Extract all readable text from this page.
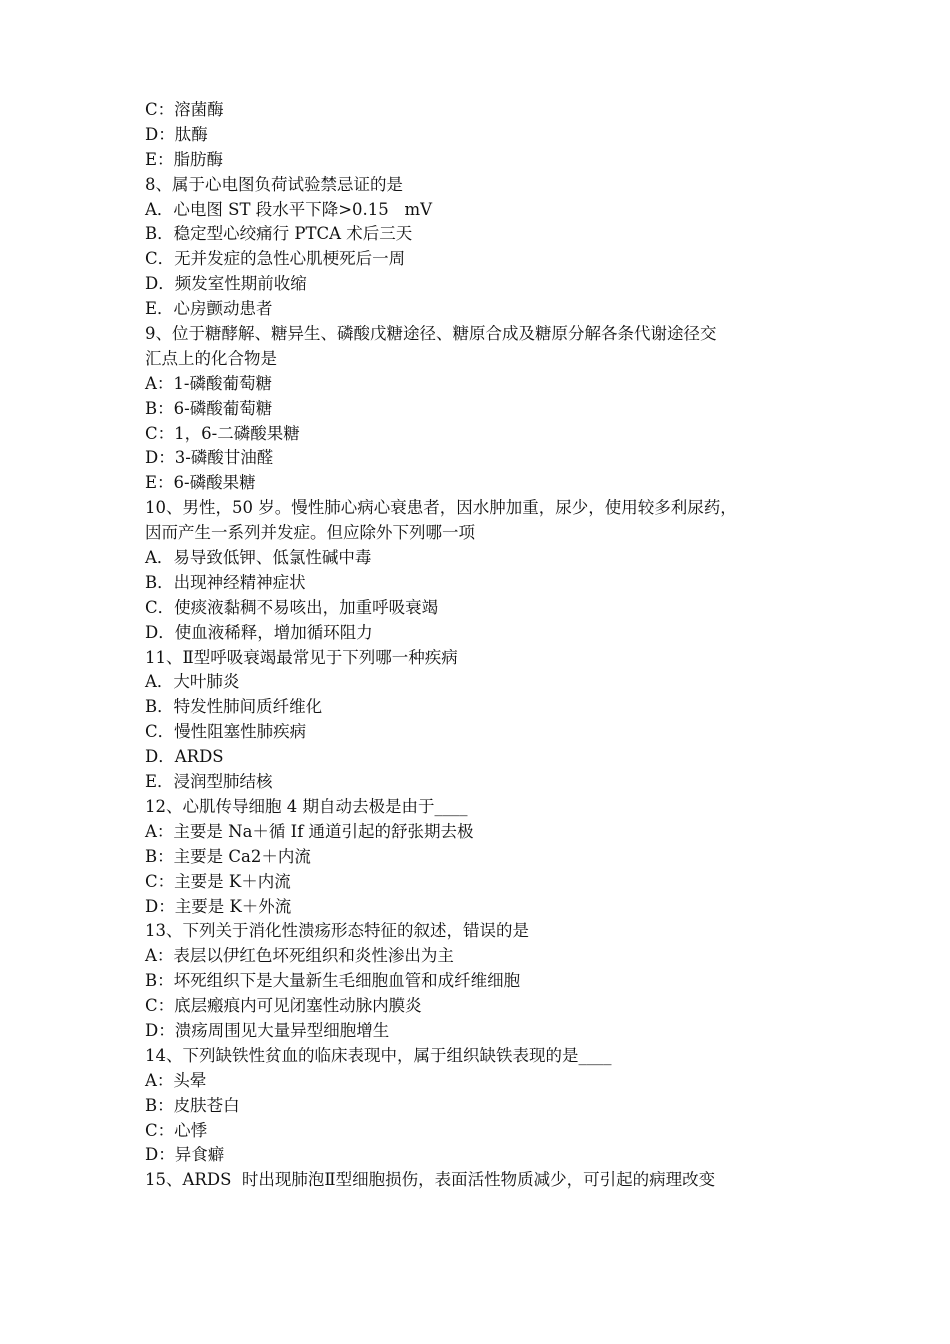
C：溶菌酶
D：肽酶
E：脂肪酶
8、属于心电图负荷试验禁忌证的是
A．心电图 ST 段水平下降>0.15   mV
B．稳定型心绞痛行 PTCA 术后三天
C．无并发症的急性心肌梗死后一周
D．频发室性期前收缩
E．心房颤动患者
9、位于糖酵解、糖异生、磷酸戊糖途径、糖原合成及糖原分解各条代谢途径交
汇点上的化合物是
A：1-磷酸葡萄糖
B：6-磷酸葡萄糖
C：1，6-二磷酸果糖
D：3-磷酸甘油醛
E：6-磷酸果糖
10、男性，50 岁。慢性肺心病心衰患者，因水肿加重，尿少，使用较多利尿药，
因而产生一系列并发症。但应除外下列哪一项
A．易导致低钾、低氯性碱中毒
B．出现神经精神症状
C．使痰液黏稠不易咳出，加重呼吸衰竭
D．使血液稀释，增加循环阻力
11、Ⅱ型呼吸衰竭最常见于下列哪一种疾病
A．大叶肺炎
B．特发性肺间质纤维化
C．慢性阻塞性肺疾病
D．ARDS
E．浸润型肺结核
12、心肌传导细胞 4 期自动去极是由于____
A：主要是 Na＋循 If 通道引起的舒张期去极
B：主要是 Ca2＋内流
C：主要是 K＋内流
D：主要是 K＋外流
13、下列关于消化性溃疡形态特征的叙述，错误的是
A：表层以伊红色坏死组织和炎性渗出为主
B：坏死组织下是大量新生毛细胞血管和成纤维细胞
C：底层瘢痕内可见闭塞性动脉内膜炎
D：溃疡周围见大量异型细胞增生
14、下列缺铁性贫血的临床表现中，属于组织缺铁表现的是____
A：头晕
B：皮肤苍白
C：心悸
D：异食癖
15、ARDS  时出现肺泡Ⅱ型细胞损伤，表面活性物质减少，可引起的病理改变
